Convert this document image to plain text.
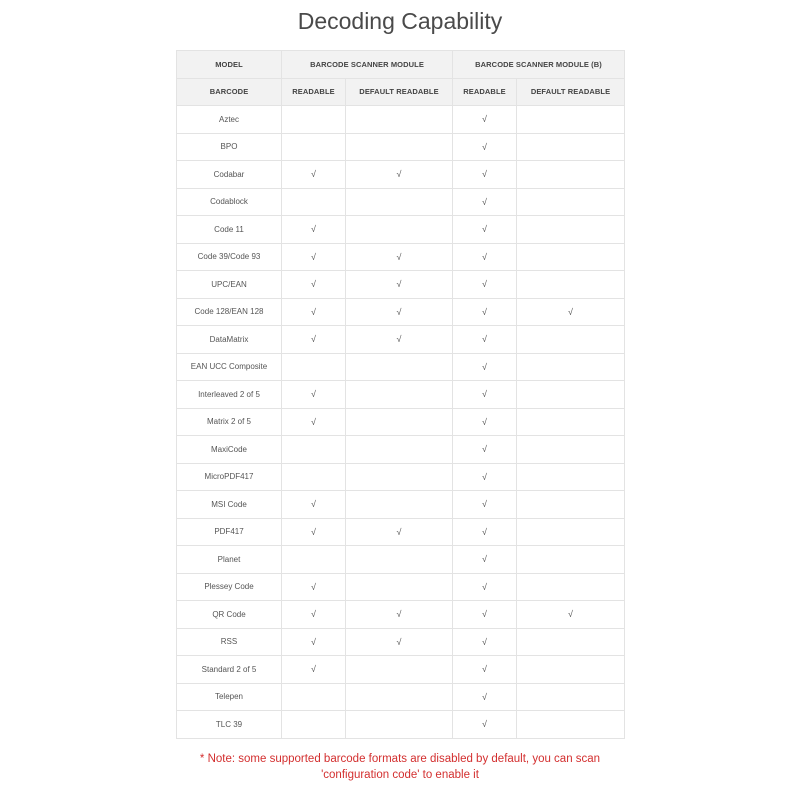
Decoding Capability
MODEL	BARCODE SCANNER MODULE		BARCODE SCANNER MODULE (B)	
BARCODE	READABLE	DEFAULT READABLE	READABLE	DEFAULT READABLE
Aztec			√	
BPO			√	
Codabar	√	√	√	
Codablock			√	
Code 11	√		√	
Code 39/Code 93	√	√	√	
UPC/EAN	√	√	√	
Code 128/EAN 128	√	√	√	√
DataMatrix	√	√	√	
EAN UCC Composite			√	
Interleaved 2 of 5	√		√	
Matrix 2 of 5	√		√	
MaxiCode			√	
MicroPDF417			√	
MSI Code	√		√	
PDF417	√	√	√	
Planet			√	
Plessey Code	√		√	
QR Code	√	√	√	√
RSS	√	√	√	
Standard 2 of 5	√		√	
Telepen			√	
TLC 39			√	

* Note: some supported barcode formats are disabled by default, you can scan 'configuration code' to enable it
